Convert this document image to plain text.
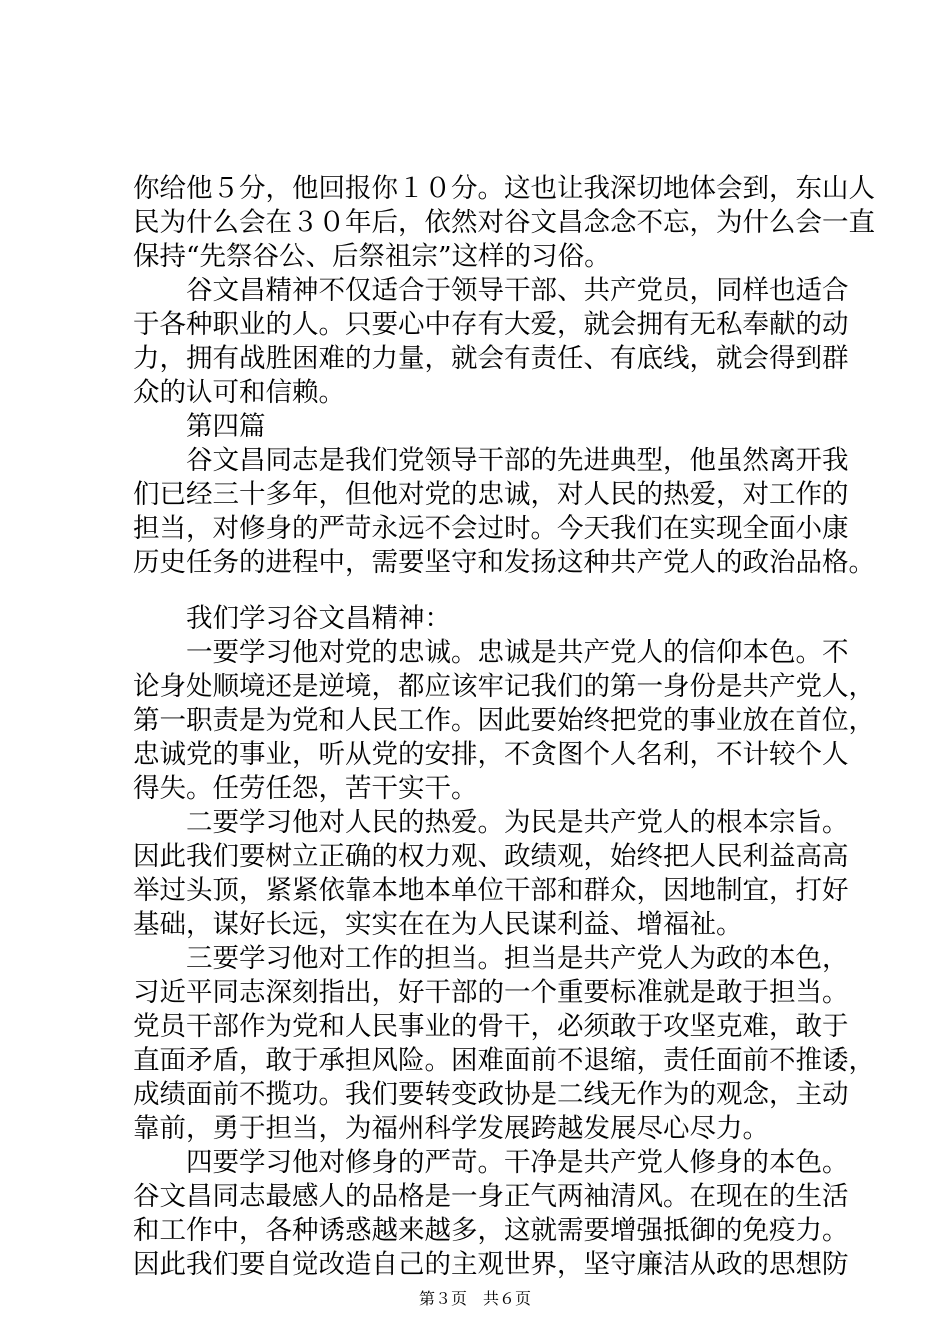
你给他５分，他回报你１０分。这也让我深切地体会到，东山人
民为什么会在３０年后，依然对谷文昌念念不忘，为什么会一直
保持“先祭谷公、后祭祖宗”这样的习俗。
　　谷文昌精神不仅适合于领导干部、共产党员，同样也适合
于各种职业的人。只要心中存有大爱，就会拥有无私奉献的动
力，拥有战胜困难的力量，就会有责任、有底线，就会得到群
众的认可和信赖。
　　第四篇
　　谷文昌同志是我们党领导干部的先进典型，他虽然离开我
们已经三十多年，但他对党的忠诚，对人民的热爱，对工作的
担当，对修身的严苛永远不会过时。今天我们在实现全面小康
历史任务的进程中，需要坚守和发扬这种共产党人的政治品格。
　　我们学习谷文昌精神：
　　一要学习他对党的忠诚。忠诚是共产党人的信仰本色。不
论身处顺境还是逆境，都应该牢记我们的第一身份是共产党人，
第一职责是为党和人民工作。因此要始终把党的事业放在首位，
忠诚党的事业，听从党的安排，不贪图个人名利，不计较个人
得失。任劳任怨，苦干实干。
　　二要学习他对人民的热爱。为民是共产党人的根本宗旨。
因此我们要树立正确的权力观、政绩观，始终把人民利益高高
举过头顶，紧紧依靠本地本单位干部和群众，因地制宜，打好
基础，谋好长远，实实在在为人民谋利益、增福祉。
　　三要学习他对工作的担当。担当是共产党人为政的本色，
习近平同志深刻指出，好干部的一个重要标准就是敢于担当。
党员干部作为党和人民事业的骨干，必须敢于攻坚克难，敢于
直面矛盾，敢于承担风险。困难面前不退缩，责任面前不推诿，
成绩面前不揽功。我们要转变政协是二线无作为的观念，主动
靠前，勇于担当，为福州科学发展跨越发展尽心尽力。
　　四要学习他对修身的严苛。干净是共产党人修身的本色。
谷文昌同志最感人的品格是一身正气两袖清风。在现在的生活
和工作中，各种诱惑越来越多，这就需要增强抵御的免疫力。
因此我们要自觉改造自己的主观世界，坚守廉洁从政的思想防
第３页　共６页
